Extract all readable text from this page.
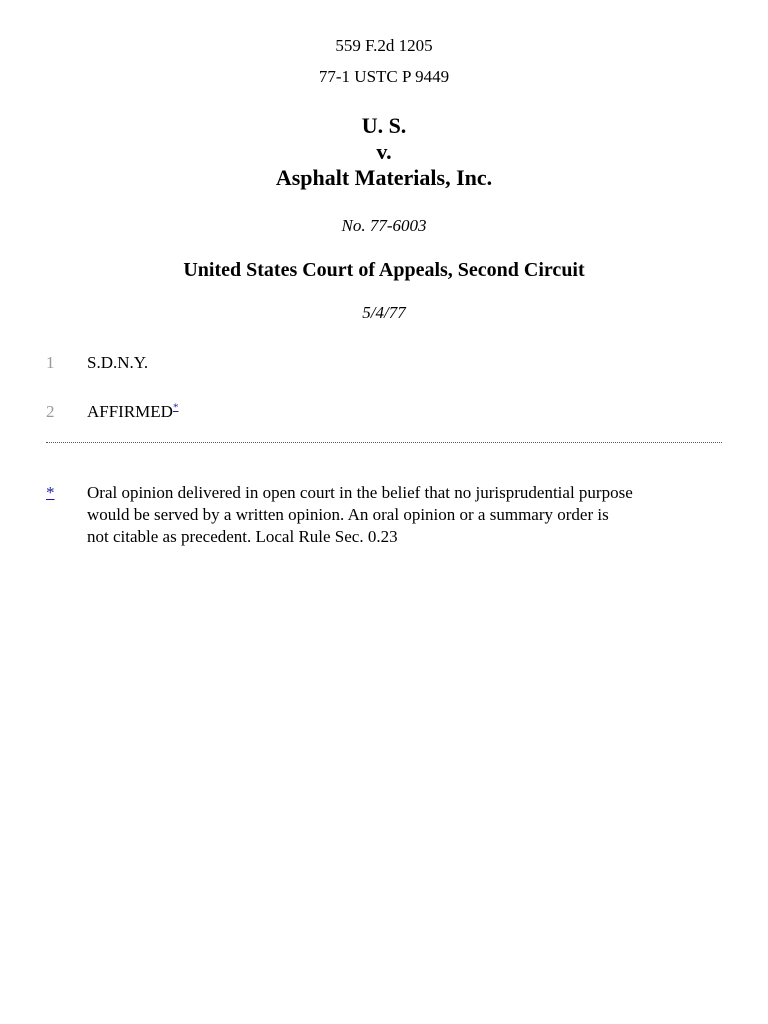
559 F.2d 1205
77-1 USTC P 9449
U. S.
v.
Asphalt Materials, Inc.
No. 77-6003
United States Court of Appeals, Second Circuit
5/4/77
1 S.D.N.Y.
2 AFFIRMED*
* Oral opinion delivered in open court in the belief that no jurisprudential purpose
would be served by a written opinion. An oral opinion or a summary order is
not citable as precedent. Local Rule Sec. 0.23
